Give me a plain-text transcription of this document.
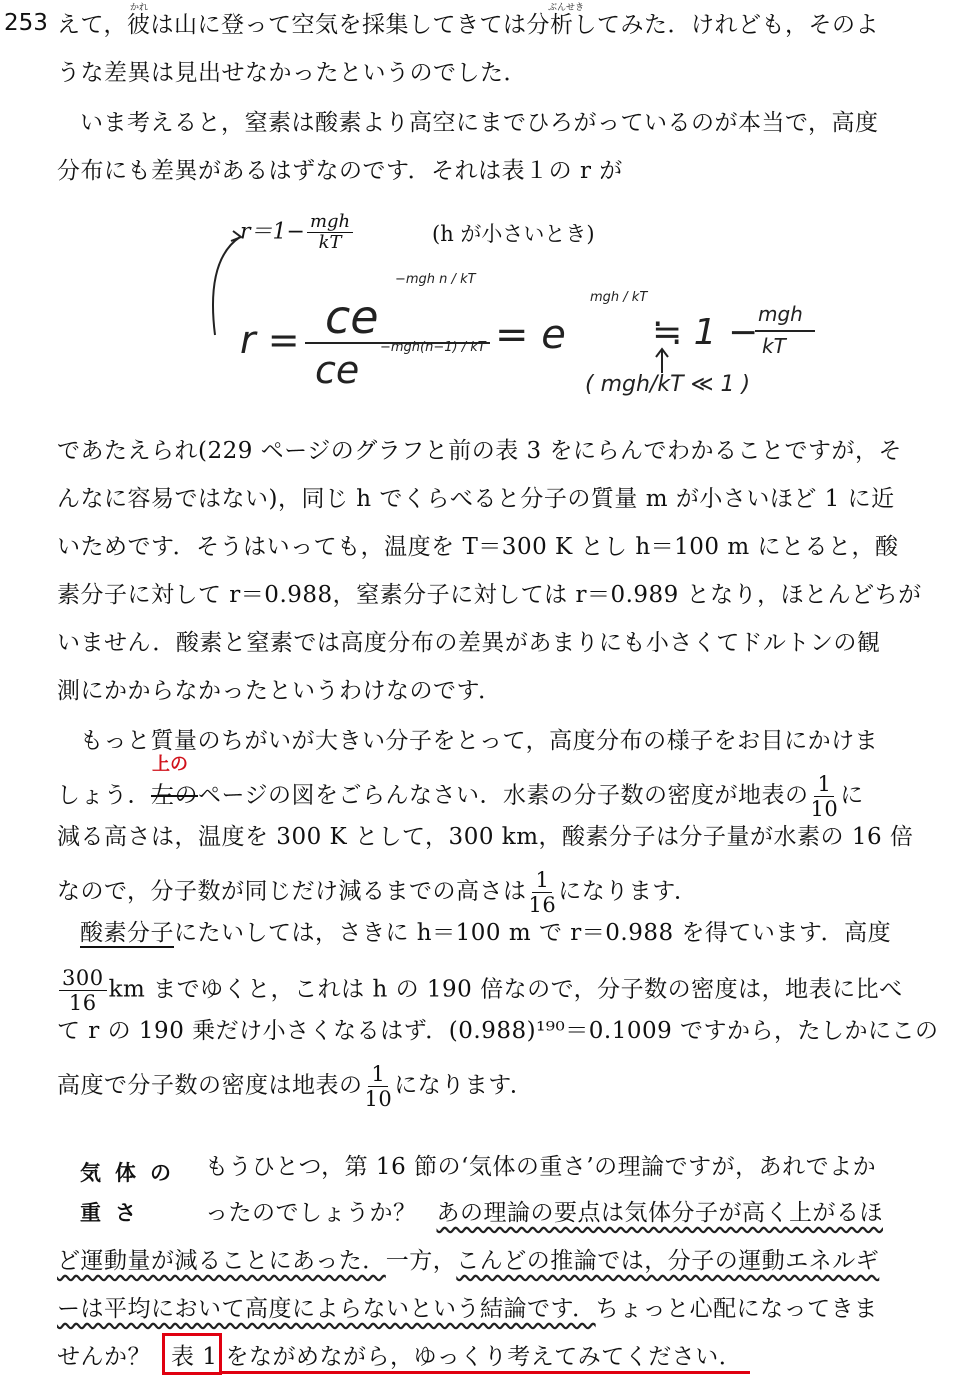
253
かれ	ぶんせき
えて，彼は山に登って空気を採集してきては分析してみた．けれども，そのよ
うな差異は見出せなかったというのでした．
いま考えると，窒素は酸素より高空にまでひろがっているのが本当で，高度
分布にも差異があるはずなのです．それは表１の r が
$r=1- \frac{\text{mgh}}{kT}$	(h が小さいとき)
r = ce
−mgh n / kT
ce
−mgh(n−1) / kT = e
mgh / kT
≒ 1 − mgh
kT
( mgh/kT ≪ 1 )
であたえられ(229 ページのグラフと前の表 3 をにらんでわかることですが，そ
んなに容易ではない)，同じ h でくらべると分子の質量 m が小さいほど 1 に近
いためです．そうはいっても，温度を T＝300 K とし h＝100 m にとると，酸
素分子に対して r＝0.988，窒素分子に対しては r＝0.989 となり，ほとんどちが
いません．酸素と窒素では高度分布の差異があまりにも小さくてドルトンの観
測にかからなかったというわけなのです．
もっと質量のちがいが大きい分子をとって，高度分布の様子をお目にかけま
上の
しょう．左のページの図をごらんなさい．水素の分子数の密度が地表の $\frac{1}{10}$ に
減る高さは，温度を 300 K として，300 km，酸素分子は分子量が水素の 16 倍
なので，分子数が同じだけ減るまでの高さは $\frac{1}{16}$ になります．
酸素分子にたいしては，さきに h＝100 m で r＝0.988 を得ています．高度
$\frac{300}{16}$ km までゆくと，これは h の 190 倍なので，分子数の密度は，地表に比べ
て r の 190 乗だけ小さくなるはず．(0.988)¹⁹⁰＝0.1009 ですから，たしかにこの
高度で分子数の密度は地表の $\frac{1}{10}$ になります．
気体の
重さ
もうひとつ，第 16 節の‘気体の重さ’の理論ですが，あれでよか
ったのでしょうか？ あの理論の要点は気体分子が高く上がるほ
ど運動量が減ることにあった．一方，こんどの推論では，分子の運動エネルギ
ーは平均において高度によらないという結論です．ちょっと心配になってきま
せんか？ 表 1 をながめながら，ゆっくり考えてみてください．
